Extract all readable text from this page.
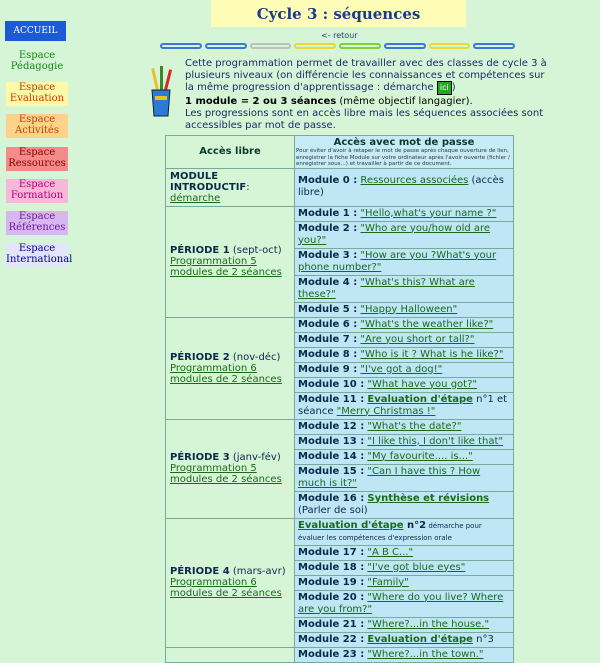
ACCUEIL
Espace Pédagogie
Espace Evaluation
Espace Activités
Espace Ressources
Espace Formation
Espace Références
Espace International
Cycle 3 : séquences
<- retour

Cette programmation permet de travailler avec des classes de cycle 3 à plusieurs niveaux (on différencie les connaissances et compétences sur la même progression d'apprentissage : démarche ici )

1 module = 2 ou 3 séances (même objectif langagier).

Les progressions sont en accès libre mais les séquences associées sont accessibles par mot de passe.

Accès libre	Accès avec mot de passe
Pour éviter d'avoir à retaper le mot de passe après chaque ouverture de lien, enregistrer la fiche Module sur votre ordinateur après l'avoir ouverte (fichier / enregistrer sous...) et travailler à partir de ce document.

MODULE INTRODUCTIF:
démarche	Module 0 : Ressources associées (accès libre)
PÉRIODE 1 (sept-oct)
Programmation 5 modules de 2 séances	Module 1 : "Hello,what's your name ?"
	Module 2 : "Who are you/how old are you?"
	Module 3 : "How are you ?What's your phone number?"
	Module 4 : "What's this? What are these?"
	Module 5 : "Happy Halloween"
PÉRIODE 2 (nov-déc)
Programmation 6 modules de 2 séances	Module 6 : "What's the weather like?"
	Module 7 : "Are you short or tall?"
	Module 8 : "Who is it ? What is he like?"
	Module 9 : "I've got a dog!"
	Module 10 : "What have you got?"
	Module 11 : Evaluation d'étape n°1 et séance "Merry Christmas !"
PÉRIODE 3 (janv-fév)
Programmation 5 modules de 2 séances	Module 12 : "What's the date?"
	Module 13 : "I like this, I don't like that"
	Module 14 : "My favourite.... is..."
	Module 15 : "Can I have this ? How much is it?"
	Module 16 : Synthèse et révisions (Parler de soi)
PÉRIODE 4 (mars-avr)
Programmation 6 modules de 2 séances	Evaluation d'étape n°2 démarche pour évaluer les compétences d'expression orale
	Module 17 : "A B C..."
	Module 18 : "I've got blue eyes"
	Module 19 : "Family"
	Module 20 : "Where do you live? Where are you from?"
	Module 21 : "Where?...in the house."
	Module 22 : Evaluation d'étape n°3
	Module 23 : "Where?...in the town."
